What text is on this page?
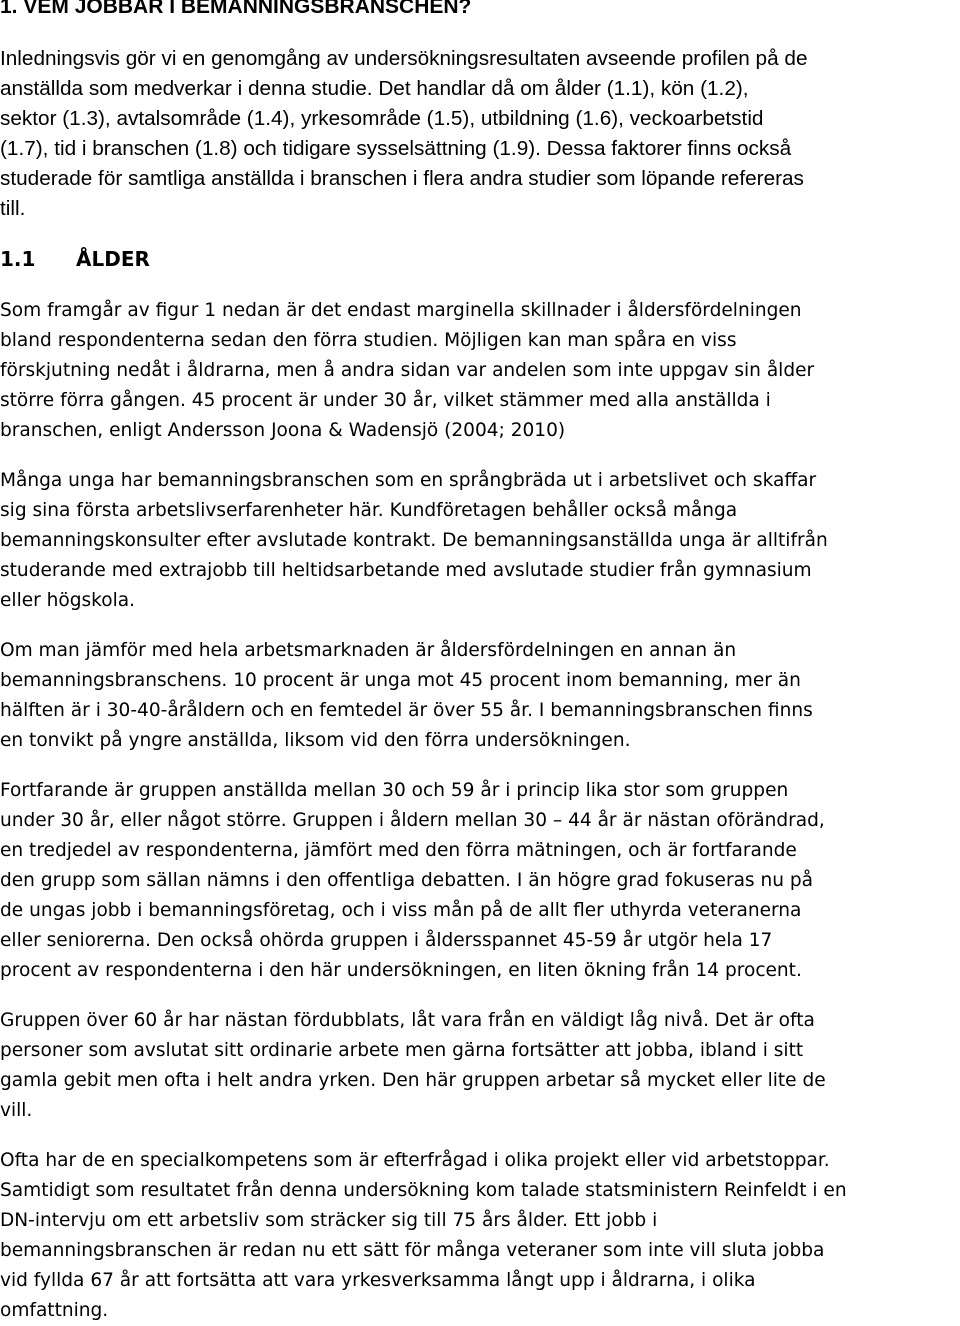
1. VEM JOBBAR I BEMANNINGSBRANSCHEN?

Inledningsvis gör vi en genomgång av undersökningsresultaten avseende profilen på de
anställda som medverkar i denna studie. Det handlar då om ålder (1.1), kön (1.2),
sektor (1.3), avtalsområde (1.4), yrkesområde (1.5), utbildning (1.6), veckoarbetstid
(1.7), tid i branschen (1.8) och tidigare sysselsättning (1.9). Dessa faktorer finns också
studerade för samtliga anställda i branschen i flera andra studier som löpande refereras
till.

1.1 ÅLDER

Som framgår av figur 1 nedan är det endast marginella skillnader i åldersfördelningen
bland respondenterna sedan den förra studien. Möjligen kan man spåra en viss
förskjutning nedåt i åldrarna, men å andra sidan var andelen som inte uppgav sin ålder
större förra gången. 45 procent är under 30 år, vilket stämmer med alla anställda i
branschen, enligt Andersson Joona & Wadensjö (2004; 2010)

Många unga har bemanningsbranschen som en språngbräda ut i arbetslivet och skaffar
sig sina första arbetslivserfarenheter här. Kundföretagen behåller också många
bemanningskonsulter efter avslutade kontrakt. De bemanningsanställda unga är alltifrån
studerande med extrajobb till heltidsarbetande med avslutade studier från gymnasium
eller högskola.

Om man jämför med hela arbetsmarknaden är åldersfördelningen en annan än
bemanningsbranschens. 10 procent är unga mot 45 procent inom bemanning, mer än
hälften är i 30-40-åråldern och en femtedel är över 55 år. I bemanningsbranschen finns
en tonvikt på yngre anställda, liksom vid den förra undersökningen.

Fortfarande är gruppen anställda mellan 30 och 59 år i princip lika stor som gruppen
under 30 år, eller något större. Gruppen i åldern mellan 30 – 44 år är nästan oförändrad,
en tredjedel av respondenterna, jämfört med den förra mätningen, och är fortfarande
den grupp som sällan nämns i den offentliga debatten. I än högre grad fokuseras nu på
de ungas jobb i bemanningsföretag, och i viss mån på de allt fler uthyrda veteranerna
eller seniorerna. Den också ohörda gruppen i åldersspannet 45-59 år utgör hela 17
procent av respondenterna i den här undersökningen, en liten ökning från 14 procent.

Gruppen över 60 år har nästan fördubblats, låt vara från en väldigt låg nivå. Det är ofta
personer som avslutat sitt ordinarie arbete men gärna fortsätter att jobba, ibland i sitt
gamla gebit men ofta i helt andra yrken. Den här gruppen arbetar så mycket eller lite de
vill.

Ofta har de en specialkompetens som är efterfrågad i olika projekt eller vid arbetstoppar.
Samtidigt som resultatet från denna undersökning kom talade statsministern Reinfeldt i en
DN-intervju om ett arbetsliv som sträcker sig till 75 års ålder. Ett jobb i
bemanningsbranschen är redan nu ett sätt för många veteraner som inte vill sluta jobba
vid fyllda 67 år att fortsätta att vara yrkesverksamma långt upp i åldrarna, i olika
omfattning.
